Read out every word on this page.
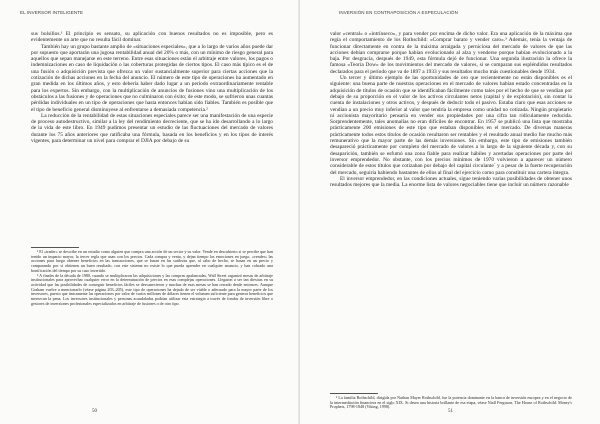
EL INVERSOR INTELIGENTE

sus bolsillos.¹ El principio es sensato, su aplicación con buenos resultados no es imposible, pero es evidentemente un arte que no resulta fácil dominar.

También hay un grupo bastante amplio de «situaciones especiales», que a lo largo de varios años puede dar por supuesto que aportarán una jugosa rentabilidad anual del 20% o más, con un mínimo de riesgo general para aquellos que sepan manejarse en este terreno. Entre esas situaciones están el arbitraje entre valores, los pagos o indemnizaciones en caso de liquidación o las coberturas protegidas de ciertos tipos. El caso más típico es el de una fusión o adquisición prevista que ofrezca un valor sustancialmente superior para ciertas acciones que la cotización de dichas acciones en la fecha del anuncio. El número de este tipo de operaciones ha aumentado en gran medida en los últimos años, y esto debería haber dado lugar a un período extraordinariamente rentable para los expertos. Sin embargo, con la multiplicación de anuncios de fusiones vino una multiplicación de los obstáculos a las fusiones y de operaciones que no culminaron con éxito; de este modo, se sufrieron unas cuantas pérdidas individuales en un tipo de operaciones que hasta entonces habían sido fiables. También es posible que el tipo de beneficio general disminuyese al enfrentarse a demasiada competencia.²

La reducción de la rentabilidad de estas situaciones especiales parece ser una manifestación de una especie de proceso autodestructivo, similar a la ley del rendimiento decreciente, que se ha ido desarrollando a lo largo de la vida de este libro. En 1949 pudimos presentar un estudio de las fluctuaciones del mercado de valores durante los 75 años anteriores que ratificaba una fórmula, basada en los beneficios y en los tipos de interés vigentes, para determinar un nivel para comprar el DJIA por debajo de su

¹ El «trader» se describe en un estudio como alguien que compra una acción de un sector y su valor. Vende en descubierto si se percibe que han tenido un impacto mayor, la tercer regla que usan con los precios. Cada compra y venta, y dejan tiempo las emociones en juego, «vender» las acciones para luego obtener beneficios en las transacciones, que se basan en las sutilezas que, al cabo de hecho, se basan en un precio y comparando por si obtienen un buen resultado, con este sistema no existe lo que pueda aprender en cualquier anuncio, y han cobrado una bonificación del tiempo por su caso invertido.

² A finales de la década de 1980, cuando se multiplicaron las adquisiciones y las compras apalancadas, Wall Street organizó mesas de arbitraje institucionales para aprovechar cualquier error en la determinación de precios en esas complejas operaciones. Llegaron a ser tan diestras en su actividad que las posibilidades de conseguir beneficios fáciles se desvanecieron y muchas de esas mesas se han cerrado desde entonces. Aunque Graham vuelve a mencionarlo (véase página 203–205), este tipo de operaciones ha dejado de ser viable o adecuado para la mayor parte de los inversores, puesto que únicamente las operaciones por valor de varios millones de dólares tienen el volumen suficiente para generar beneficios que merezcan la pena. Los inversores institucionales y personas acaudaladas podrían utilizar esta estrategia a través de fondos de inversión libre o gestores de inversiones profesionales especializados en arbitraje de fusiones o de otro tipo.

50
INVERSIÓN EN CONTRAPOSICIÓN A ESPECULACIÓN

valor «central» o «intrínseco», y para vender por encima de dicho valor. Era una aplicación de la máxima que regía el comportamiento de los Rothschild: «Comprar barato y vender caro».³ Además, tenía la ventaja de funcionar directamente en contra de la máxima arraigada y perniciosa del mercado de valores de que las acciones debían comprarse porque habían evolucionado al alza y venderse porque habían evolucionado a la baja. Por desgracia, después de 1949, esta fórmula dejó de funcionar. Una segunda ilustración la ofrece la famosa «Teoría Dow» de los movimientos del mercado de valores, si se comparan sus espléndidos resultados declarados para el período que va de 1897 a 1933 y sus resultados mucho más cuestionables desde 1934.

Un tercer y último ejemplo de las oportunidades de oro que recientemente no están disponibles es el siguiente: una buena parte de nuestras operaciones en el mercado de valores habían estado concentradas en la adquisición de títulos de ocasión que se identificaban fácilmente como tales por el hecho de que se vendían por debajo de su proporción en el valor de los activos circulantes netos (capital y de explotación), sin contar la cuenta de instalaciones y otros activos, y después de deducir todo el pasivo. Estaba claro que esas acciones se vendían a un precio muy inferior al valor que tendría la empresa como unidad no cotizada. Ningún propietario ni accionista mayoritario pensaría en vender sus propiedades por una cifra tan ridículamente reducida. Sorprendentemente, tales anomalías no eran difíciles de encontrar. En 1957 se publicó una lista que mostraba prácticamente 200 emisiones de este tipo que estaban disponibles en el mercado. De diversas maneras prácticamente todos estos títulos de ocasión resultaron ser rentables y el resultado anual medio fue mucho más remunerativo que la mayor parte de las demás inversiones. Sin embargo, este tipo de emisiones también desapareció prácticamente por completo del mercado de valores a lo largo de la siguiente década y, con su desaparición, también se esfumó una zona fiable para realizar hábiles y acertadas operaciones por parte del inversor emprendedor. No obstante, con los precios mínimos de 1970 volvieron a aparecer un número considerable de estos títulos que cotizaban por debajo del capital circulante´ y a pesar de la fuerte recuperación del mercado, seguiría habiendo bastantes de ellos al final del ejercicio como para constituir una cartera íntegra.

El inversor emprendedor, en las condiciones actuales, sigue teniendo varias posibilidades de obtener unos resultados mejores que la media. La enorme lista de valores negociables tiene que incluir un número razonable

³ La familia Rothschild, dirigida por Nathan Mayer Rothschild, fue la potencia dominante en la banca de inversión europea y en el negocio de la intermediación financiera en el siglo XIX. Si desea una historia brillante de esa etapa, véase Niall Ferguson, The House of Rothschild: Money's Prophets, 1798-1848 (Viking, 1998).

51
